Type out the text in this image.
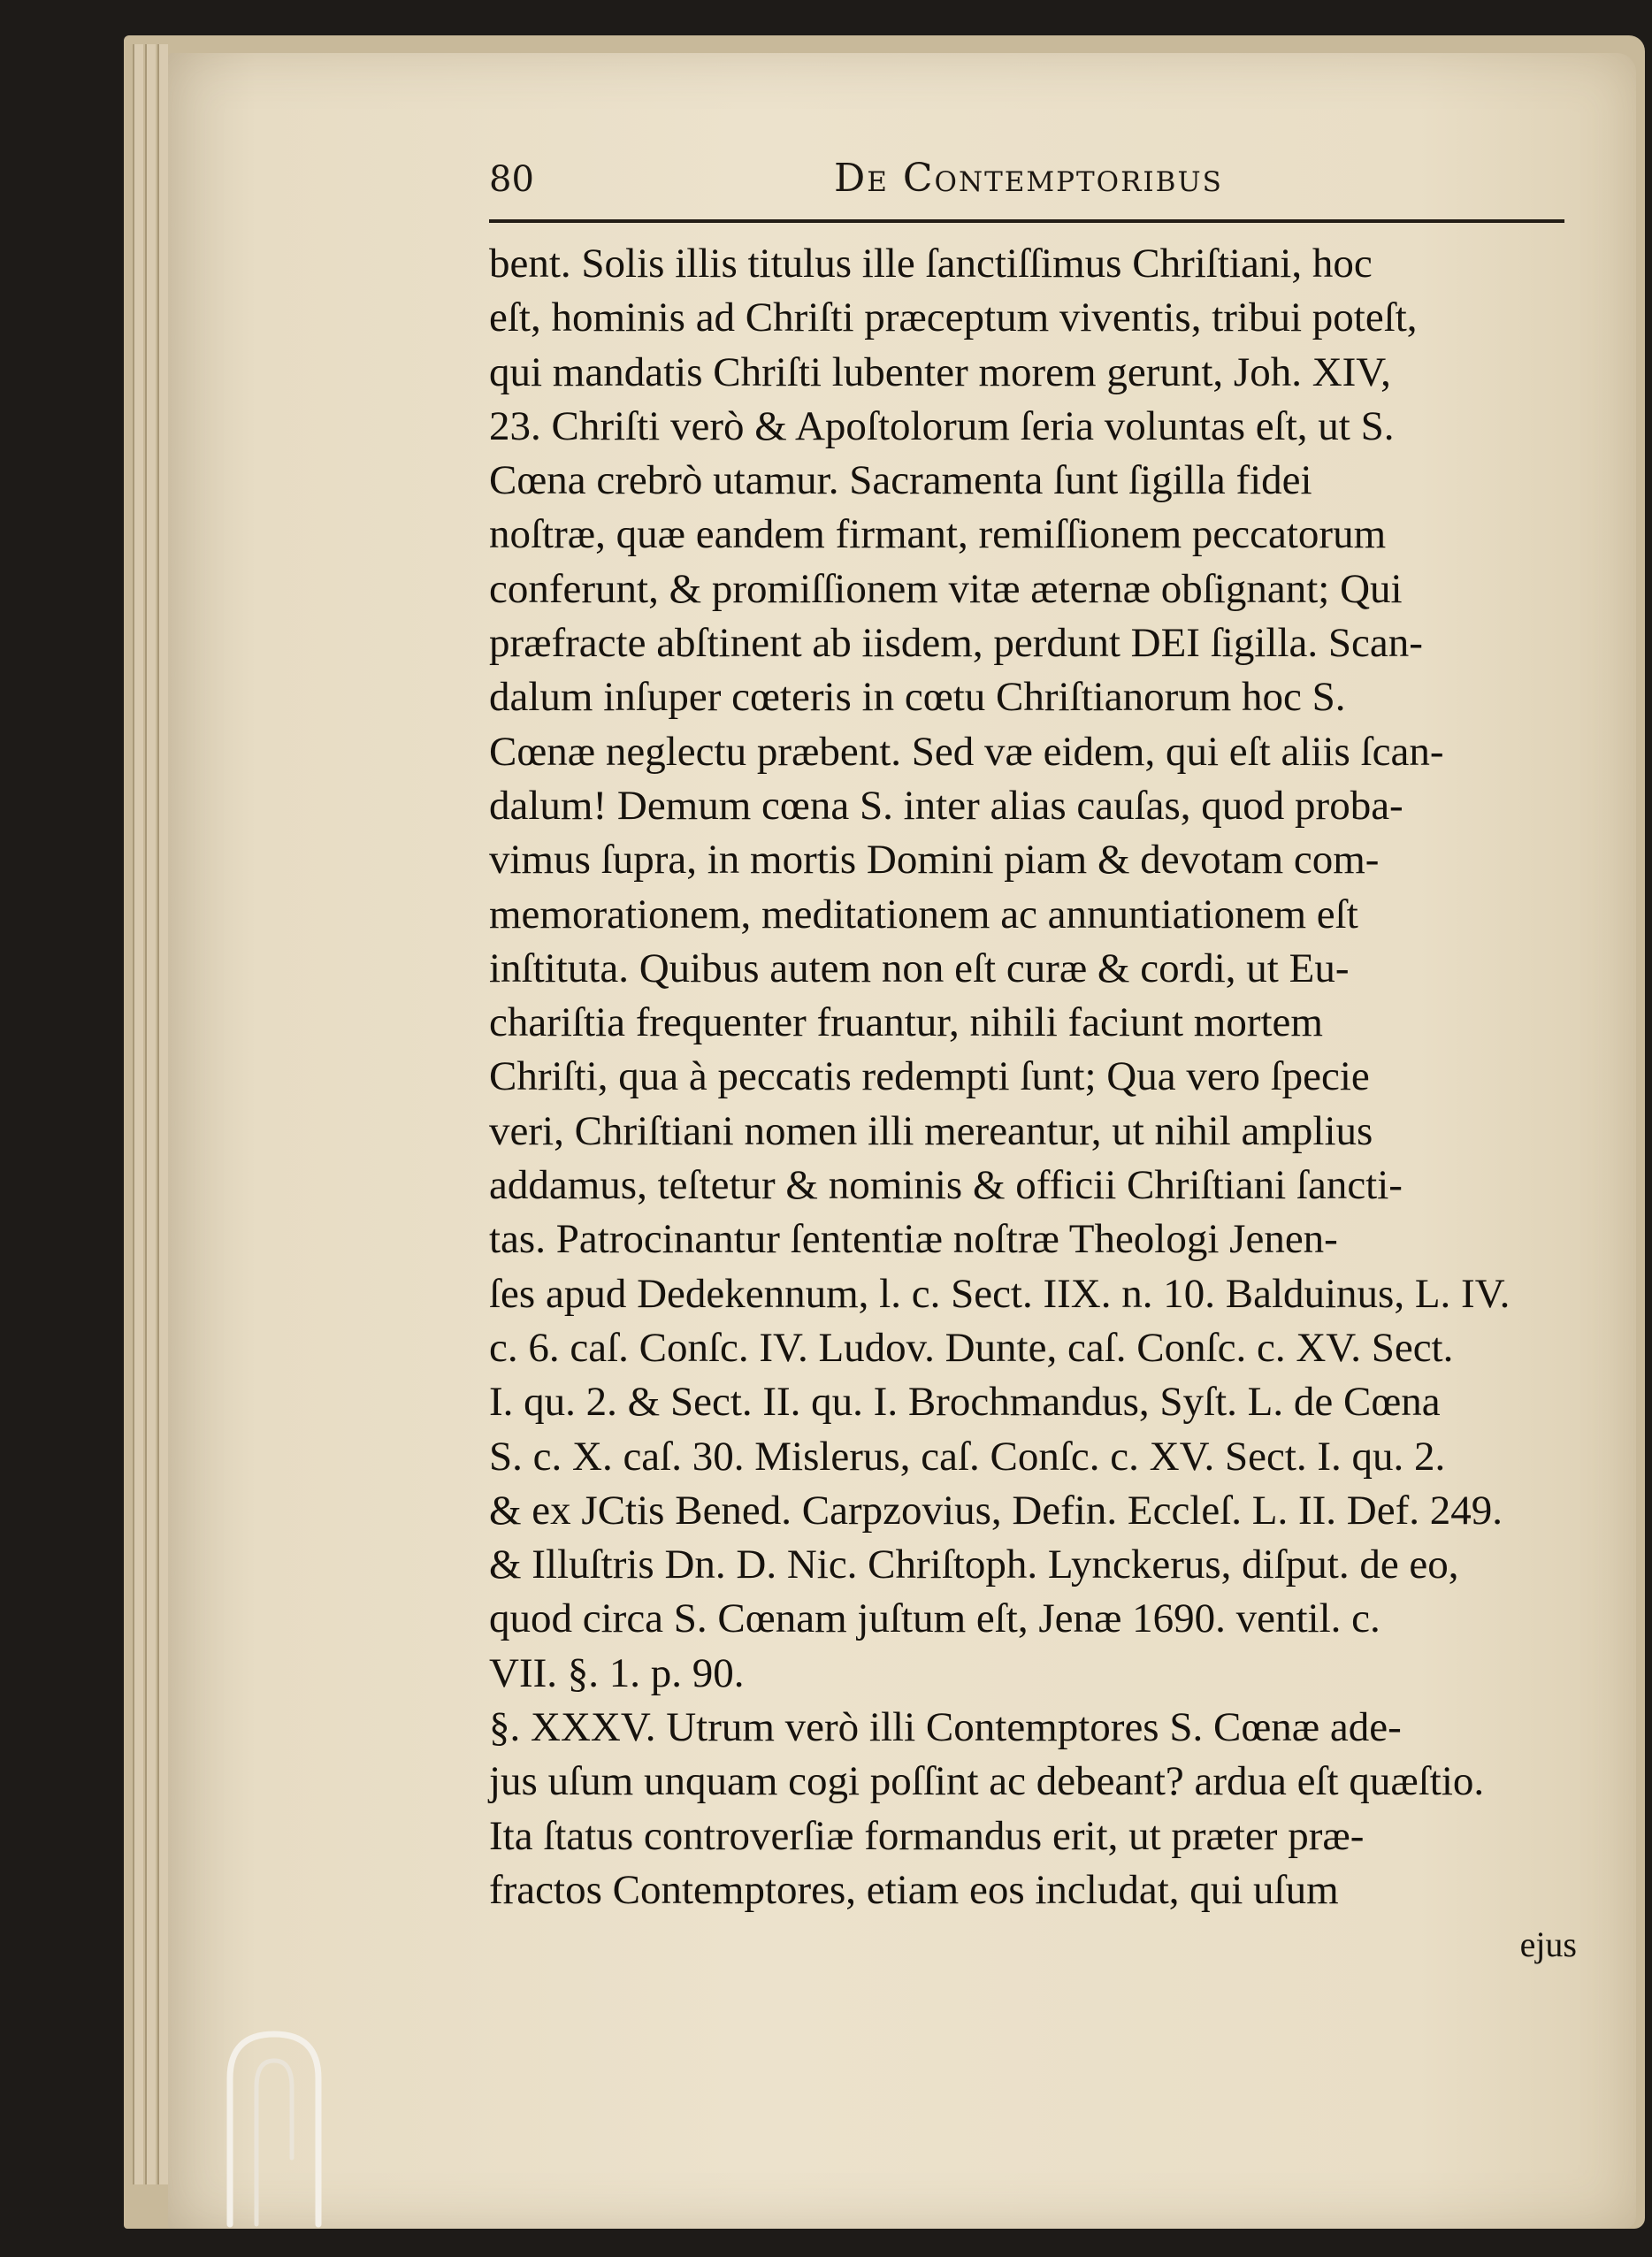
80	De Contemptoribus
bent. Solis illis titulus ille ſanctiſſimus Chriſtiani, hoc
eſt, hominis ad Chriſti præceptum viventis, tribui poteſt,
qui mandatis Chriſti lubenter morem gerunt, Joh. XIV,
23. Chriſti verò & Apoſtolorum ſeria voluntas eſt, ut S.
Cœna crebrò utamur. Sacramenta ſunt ſigilla fidei
noſtræ, quæ eandem firmant, remiſſionem peccatorum
conferunt, & promiſſionem vitæ æternæ obſignant; Qui
præfracte abſtinent ab iisdem, perdunt DEI ſigilla. Scan-
dalum inſuper cœteris in cœtu Chriſtianorum hoc S.
Cœnæ neglectu præbent. Sed væ eidem, qui eſt aliis ſcan-
dalum! Demum cœna S. inter alias cauſas, quod proba-
vimus ſupra, in mortis Domini piam & devotam com-
memorationem, meditationem ac annuntiationem eſt
inſtituta. Quibus autem non eſt curæ & cordi, ut Eu-
chariſtia frequenter fruantur, nihili faciunt mortem
Chriſti, qua à peccatis redempti ſunt; Qua vero ſpecie
veri, Chriſtiani nomen illi mereantur, ut nihil amplius
addamus, teſtetur & nominis & officii Chriſtiani ſancti-
tas. Patrocinantur ſententiæ noſtræ Theologi Jenen-
ſes apud Dedekennum, l. c. Sect. IIX. n. 10. Balduinus, L. IV.
c. 6. caſ. Conſc. IV. Ludov. Dunte, caſ. Conſc. c. XV. Sect.
I. qu. 2. & Sect. II. qu. I. Brochmandus, Syſt. L. de Cœna
S. c. X. caſ. 30. Mislerus, caſ. Conſc. c. XV. Sect. I. qu. 2.
& ex JCtis Bened. Carpzovius, Defin. Eccleſ. L. II. Def. 249.
& Illuſtris Dn. D. Nic. Chriſtoph. Lynckerus, diſput. de eo,
quod circa S. Cœnam juſtum eſt, Jenæ 1690. ventil. c.
VII. §. 1. p. 90.
§. XXXV. Utrum verò illi Contemptores S. Cœnæ ade-
jus uſum unquam cogi poſſint ac debeant? ardua eſt quæſtio.
Ita ſtatus controverſiæ formandus erit, ut præter præ-
fractos Contemptores, etiam eos includat, qui uſum
ejus
